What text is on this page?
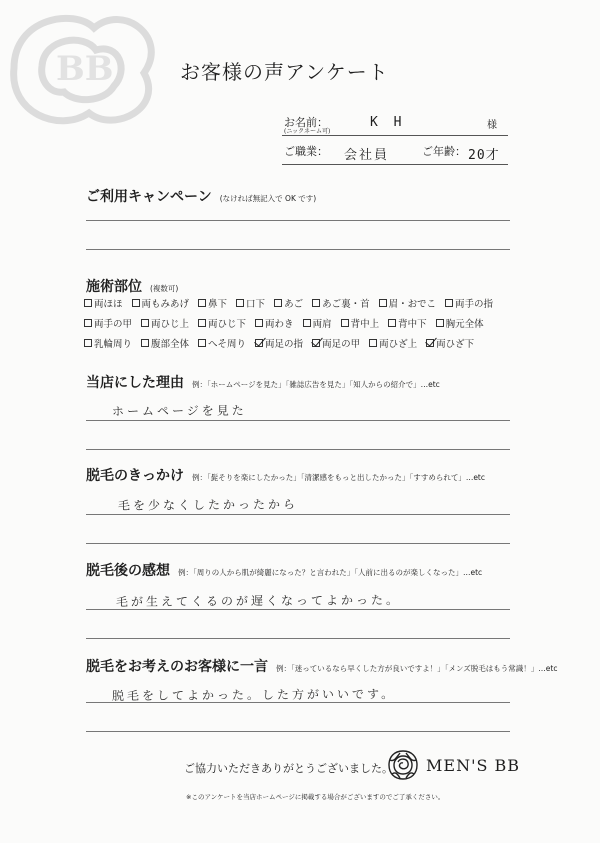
BB	お客様の声アンケート
お名前：
(ニックネーム可)
K H	様
ご職業： 会社員	ご年齢： 20才
ご利用キャンペーン (なければ無記入で OK です)
施術部位 (複数可)
両ほほ 両もみあげ 鼻下 口下 あご あご裏・首 眉・おでこ 両手の指
両手の甲 両ひじ上 両ひじ下 両わき 両肩 背中上 背中下 胸元全体
乳輪周り 腹部全体 へそ周り 両足の指 両足の甲 両ひざ上 両ひざ下
当店にした理由 例：「ホームページを見た」「雑誌広告を見た」「知人からの紹介で」…etc
ホームページを見た
脱毛のきっかけ 例：「髭そりを楽にしたかった」「清潔感をもっと出したかった」「すすめられて」…etc
毛を少なくしたかったから
脱毛後の感想 例：「周りの人から肌が綺麗になった？と言われた」「人前に出るのが楽しくなった」…etc
毛が生えてくるのが遅くなってよかった。
脱毛をお考えのお客様に一言 例：「迷っているなら早くした方が良いですよ！」「メンズ脱毛はもう常識！」…etc
脱毛をしてよかった。した方がいいです。
ご協力いただきありがとうございました。 MEN'S BB
※このアンケートを当店ホームページに掲載する場合がございますのでご了承ください。
